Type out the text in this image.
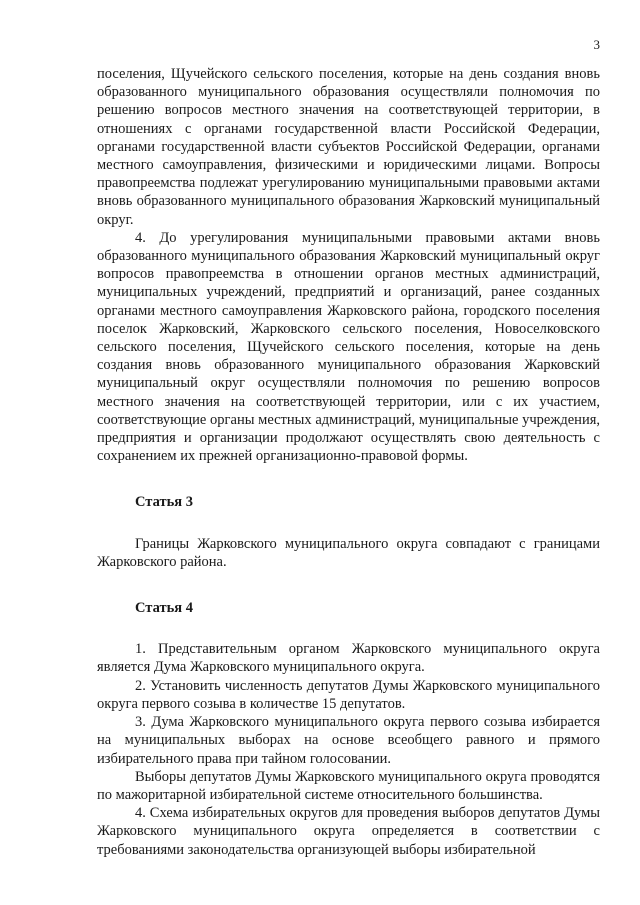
3

поселения, Щучейского сельского поселения, которые на день создания вновь образованного муниципального образования осуществляли полномочия по решению вопросов местного значения на соответствующей территории, в отношениях с органами государственной власти Российской Федерации, органами государственной власти субъектов Российской Федерации, органами местного самоуправления, физическими и юридическими лицами. Вопросы правопреемства подлежат урегулированию муниципальными правовыми актами вновь образованного муниципального образования Жарковский муниципальный округ.

4. До урегулирования муниципальными правовыми актами вновь образованного муниципального образования Жарковский муниципальный округ вопросов правопреемства в отношении органов местных администраций, муниципальных учреждений, предприятий и организаций, ранее созданных органами местного самоуправления Жарковского района, городского поселения поселок Жарковский, Жарковского сельского поселения, Новоселковского сельского поселения, Щучейского сельского поселения, которые на день создания вновь образованного муниципального образования Жарковский муниципальный округ осуществляли полномочия по решению вопросов местного значения на соответствующей территории, или с их участием, соответствующие органы местных администраций, муниципальные учреждения, предприятия и организации продолжают осуществлять свою деятельность с сохранением их прежней организационно-правовой формы.

Статья 3

Границы Жарковского муниципального округа совпадают с границами Жарковского района.

Статья 4

1. Представительным органом Жарковского муниципального округа является Дума Жарковского муниципального округа.

2. Установить численность депутатов Думы Жарковского муниципального округа первого созыва в количестве 15 депутатов.

3. Дума Жарковского муниципального округа первого созыва избирается на муниципальных выборах на основе всеобщего равного и прямого избирательного права при тайном голосовании.

Выборы депутатов Думы Жарковского муниципального округа проводятся по мажоритарной избирательной системе относительного большинства.

4. Схема избирательных округов для проведения выборов депутатов Думы Жарковского муниципального округа определяется в соответствии с требованиями законодательства организующей выборы избирательной
